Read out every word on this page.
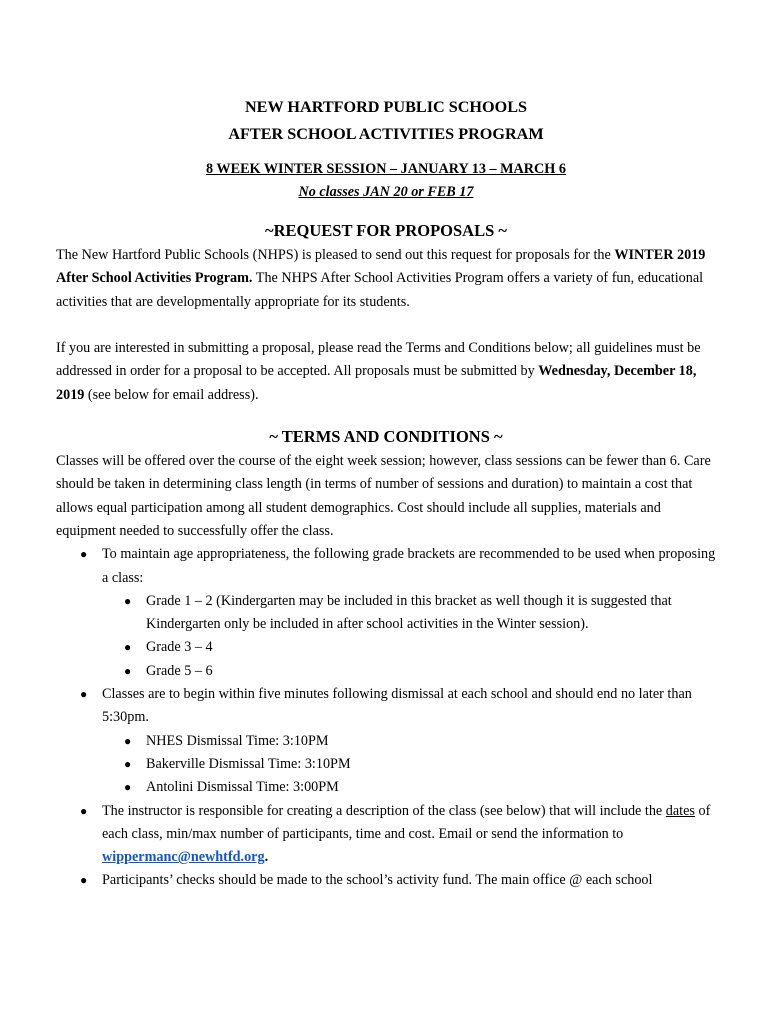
NEW HARTFORD PUBLIC SCHOOLS
AFTER SCHOOL ACTIVITIES PROGRAM
8 WEEK WINTER SESSION – JANUARY 13 – MARCH 6
No classes JAN 20 or FEB 17
~REQUEST FOR PROPOSALS ~

The New Hartford Public Schools (NHPS) is pleased to send out this request for proposals for the WINTER 2019 After School Activities Program. The NHPS After School Activities Program offers a variety of fun, educational activities that are developmentally appropriate for its students.

If you are interested in submitting a proposal, please read the Terms and Conditions below; all guidelines must be addressed in order for a proposal to be accepted. All proposals must be submitted by Wednesday, December 18, 2019 (see below for email address).

~ TERMS AND CONDITIONS ~

Classes will be offered over the course of the eight week session; however, class sessions can be fewer than 6. Care should be taken in determining class length (in terms of number of sessions and duration) to maintain a cost that allows equal participation among all student demographics. Cost should include all supplies, materials and equipment needed to successfully offer the class.

● To maintain age appropriateness, the following grade brackets are recommended to be used when proposing a class:
● Grade 1 – 2 (Kindergarten may be included in this bracket as well though it is suggested that Kindergarten only be included in after school activities in the Winter session).
● Grade 3 – 4
● Grade 5 – 6
● Classes are to begin within five minutes following dismissal at each school and should end no later than 5:30pm.
● NHES Dismissal Time: 3:10PM
● Bakerville Dismissal Time: 3:10PM
● Antolini Dismissal Time: 3:00PM
● The instructor is responsible for creating a description of the class (see below) that will include the dates of each class, min/max number of participants, time and cost. Email or send the information to wippermanc@newhtfd.org.
● Participants’ checks should be made to the school’s activity fund. The main office @ each school
